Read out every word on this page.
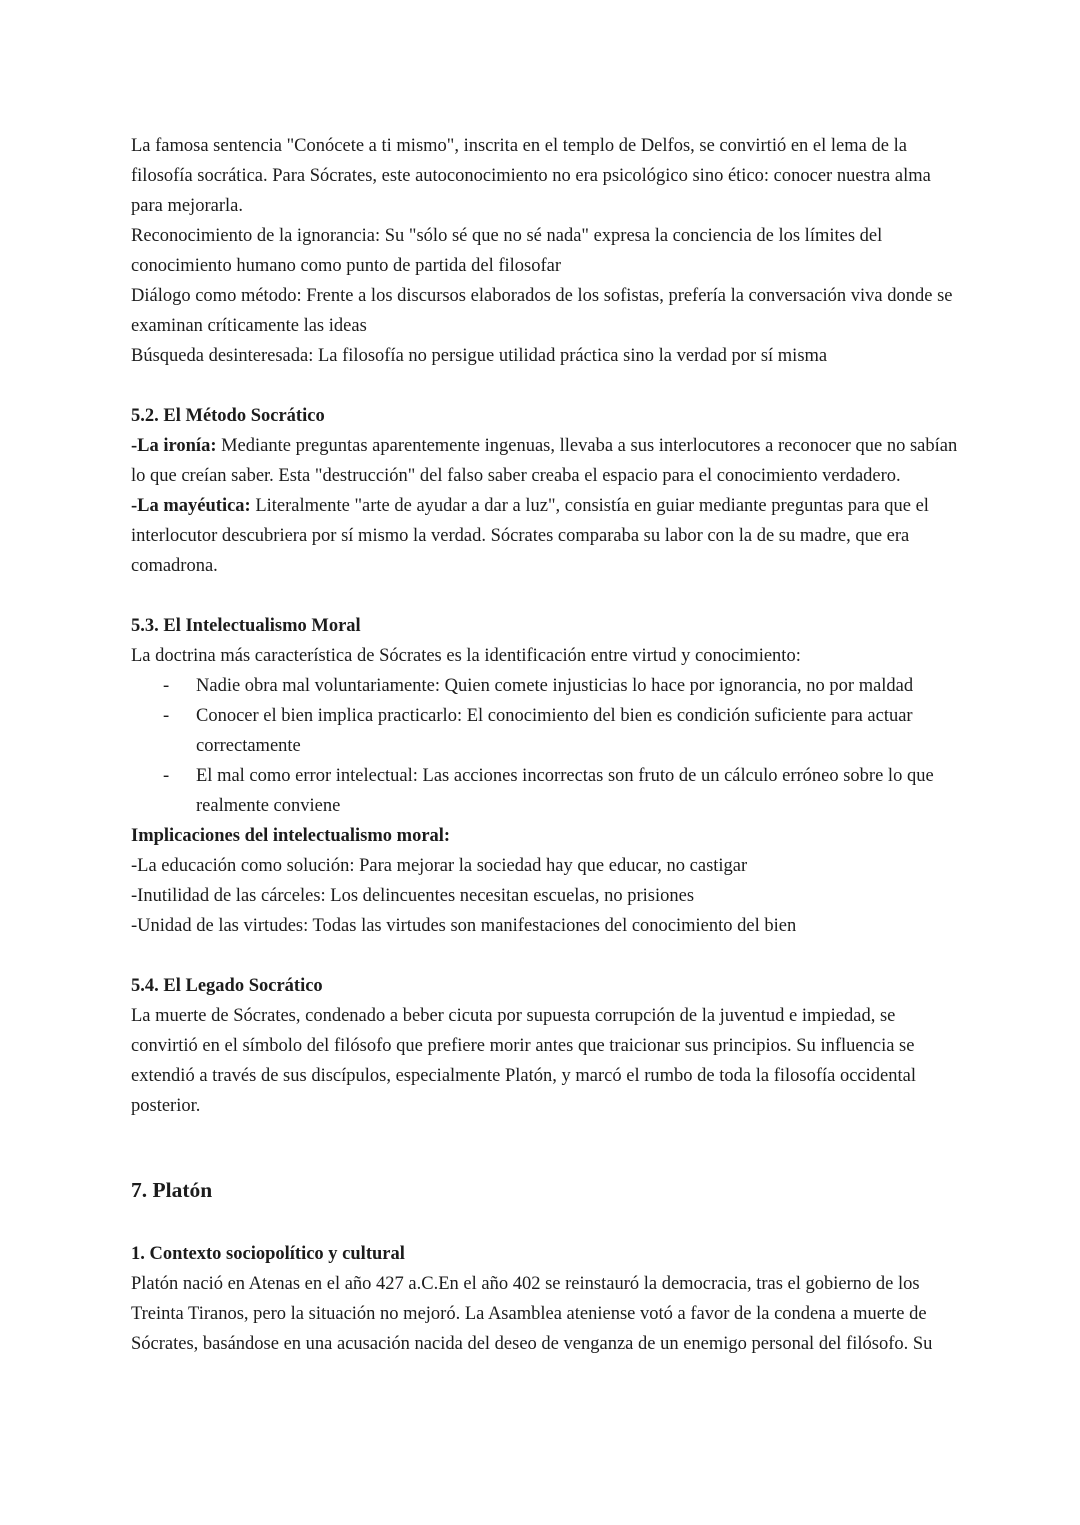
La famosa sentencia "Conócete a ti mismo", inscrita en el templo de Delfos, se convirtió en el lema de la filosofía socrática. Para Sócrates, este autoconocimiento no era psicológico sino ético: conocer nuestra alma para mejorarla.

Reconocimiento de la ignorancia: Su "sólo sé que no sé nada" expresa la conciencia de los límites del conocimiento humano como punto de partida del filosofar

Diálogo como método: Frente a los discursos elaborados de los sofistas, prefería la conversación viva donde se examinan críticamente las ideas

Búsqueda desinteresada: La filosofía no persigue utilidad práctica sino la verdad por sí misma

5.2. El Método Socrático

-La ironía: Mediante preguntas aparentemente ingenuas, llevaba a sus interlocutores a reconocer que no sabían lo que creían saber. Esta "destrucción" del falso saber creaba el espacio para el conocimiento verdadero.

-La mayéutica: Literalmente "arte de ayudar a dar a luz", consistía en guiar mediante preguntas para que el interlocutor descubriera por sí mismo la verdad. Sócrates comparaba su labor con la de su madre, que era comadrona.

5.3. El Intelectualismo Moral

La doctrina más característica de Sócrates es la identificación entre virtud y conocimiento:

- Nadie obra mal voluntariamente: Quien comete injusticias lo hace por ignorancia, no por maldad
- Conocer el bien implica practicarlo: El conocimiento del bien es condición suficiente para actuar correctamente
- El mal como error intelectual: Las acciones incorrectas son fruto de un cálculo erróneo sobre lo que realmente conviene

Implicaciones del intelectualismo moral:

-La educación como solución: Para mejorar la sociedad hay que educar, no castigar

-Inutilidad de las cárceles: Los delincuentes necesitan escuelas, no prisiones

-Unidad de las virtudes: Todas las virtudes son manifestaciones del conocimiento del bien

5.4. El Legado Socrático

La muerte de Sócrates, condenado a beber cicuta por supuesta corrupción de la juventud e impiedad, se convirtió en el símbolo del filósofo que prefiere morir antes que traicionar sus principios. Su influencia se extendió a través de sus discípulos, especialmente Platón, y marcó el rumbo de toda la filosofía occidental posterior.

7. Platón

1. Contexto sociopolítico y cultural

Platón nació en Atenas en el año 427 a.C.En el año 402 se reinstauró la democracia, tras el gobierno de los Treinta Tiranos, pero la situación no mejoró. La Asamblea ateniense votó a favor de la condena a muerte de Sócrates, basándose en una acusación nacida del deseo de venganza de un enemigo personal del filósofo. Su
